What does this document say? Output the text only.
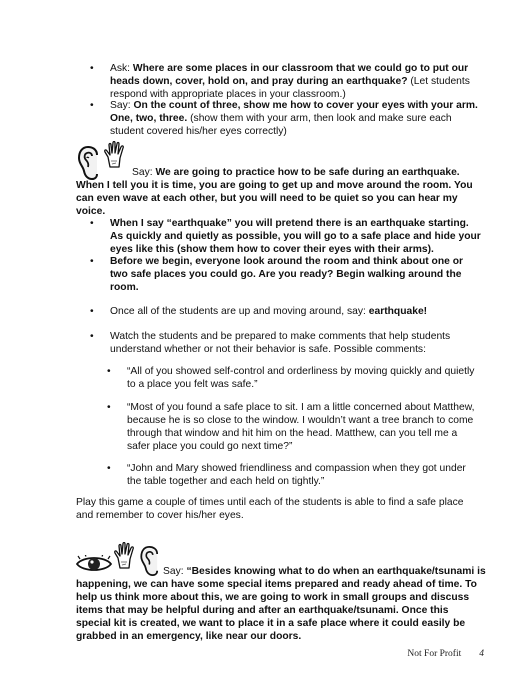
•	Ask: Where are some places in our classroom that we could go to put our heads down, cover, hold on, and pray during an earthquake? (Let students respond with appropriate places in your classroom.)
•	Say: On the count of three, show me how to cover your eyes with your arm. One, two, three. (show them with your arm, then look and make sure each student covered his/her eyes correctly)
Say: We are going to practice how to be safe during an earthquake. When I tell you it is time, you are going to get up and move around the room. You can even wave at each other, but you will need to be quiet so you can hear my voice.
•	When I say “earthquake” you will pretend there is an earthquake starting. As quickly and quietly as possible, you will go to a safe place and hide your eyes like this (show them how to cover their eyes with their arms).
•	Before we begin, everyone look around the room and think about one or two safe places you could go. Are you ready? Begin walking around the room.
•	Once all of the students are up and moving around, say: earthquake!
•	Watch the students and be prepared to make comments that help students understand whether or not their behavior is safe. Possible comments:
•	“All of you showed self-control and orderliness by moving quickly and quietly to a place you felt was safe.”
•	“Most of you found a safe place to sit. I am a little concerned about Matthew, because he is so close to the window. I wouldn’t want a tree branch to come through that window and hit him on the head. Matthew, can you tell me a safer place you could go next time?”
•	“John and Mary showed friendliness and compassion when they got under the table together and each held on tightly.”
Play this game a couple of times until each of the students is able to find a safe place and remember to cover his/her eyes.
Say: “Besides knowing what to do when an earthquake/tsunami is happening, we can have some special items prepared and ready ahead of time. To help us think more about this, we are going to work in small groups and discuss items that may be helpful during and after an earthquake/tsunami. Once this special kit is created, we want to place it in a safe place where it could easily be grabbed in an emergency, like near our doors.
Not For Profit 4
